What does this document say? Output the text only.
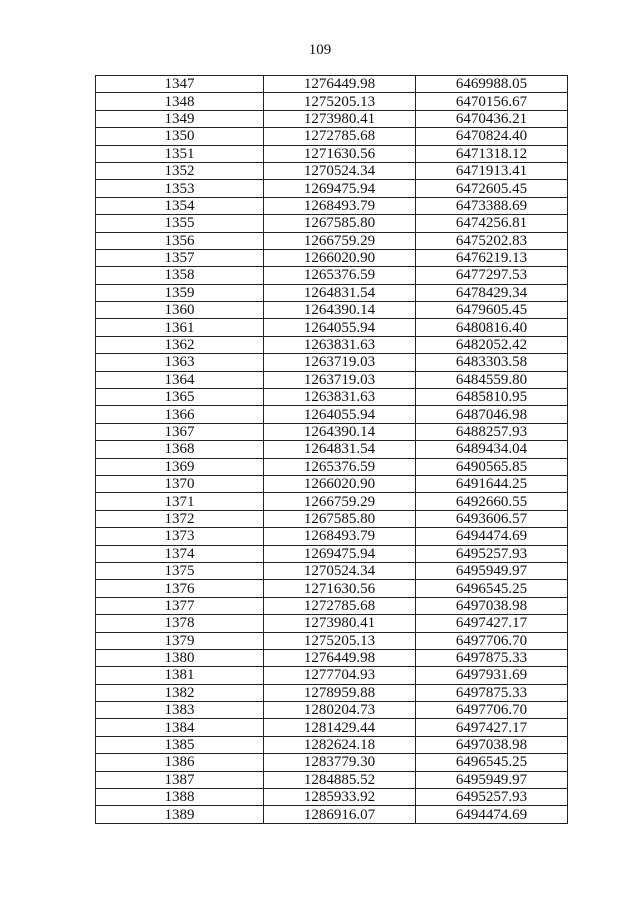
109
1347	1276449.98	6469988.05
1348	1275205.13	6470156.67
1349	1273980.41	6470436.21
1350	1272785.68	6470824.40
1351	1271630.56	6471318.12
1352	1270524.34	6471913.41
1353	1269475.94	6472605.45
1354	1268493.79	6473388.69
1355	1267585.80	6474256.81
1356	1266759.29	6475202.83
1357	1266020.90	6476219.13
1358	1265376.59	6477297.53
1359	1264831.54	6478429.34
1360	1264390.14	6479605.45
1361	1264055.94	6480816.40
1362	1263831.63	6482052.42
1363	1263719.03	6483303.58
1364	1263719.03	6484559.80
1365	1263831.63	6485810.95
1366	1264055.94	6487046.98
1367	1264390.14	6488257.93
1368	1264831.54	6489434.04
1369	1265376.59	6490565.85
1370	1266020.90	6491644.25
1371	1266759.29	6492660.55
1372	1267585.80	6493606.57
1373	1268493.79	6494474.69
1374	1269475.94	6495257.93
1375	1270524.34	6495949.97
1376	1271630.56	6496545.25
1377	1272785.68	6497038.98
1378	1273980.41	6497427.17
1379	1275205.13	6497706.70
1380	1276449.98	6497875.33
1381	1277704.93	6497931.69
1382	1278959.88	6497875.33
1383	1280204.73	6497706.70
1384	1281429.44	6497427.17
1385	1282624.18	6497038.98
1386	1283779.30	6496545.25
1387	1284885.52	6495949.97
1388	1285933.92	6495257.93
1389	1286916.07	6494474.69
